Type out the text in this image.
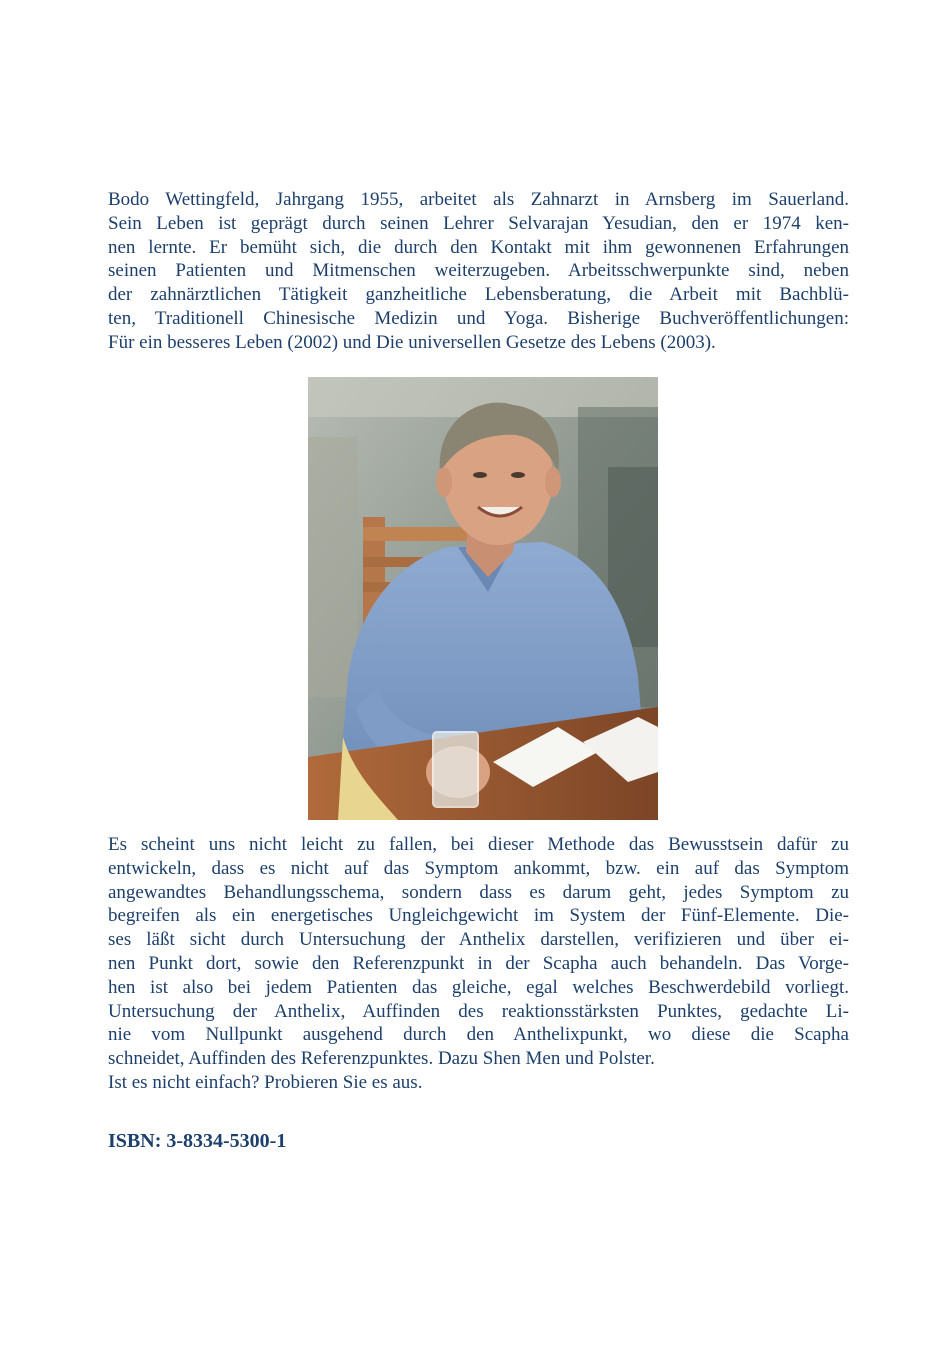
Bodo Wettingfeld, Jahrgang 1955, arbeitet als Zahnarzt in Arnsberg im Sauerland.
Sein Leben ist geprägt durch seinen Lehrer Selvarajan Yesudian, den er 1974 ken-
nen lernte. Er bemüht sich, die durch den Kontakt mit ihm gewonnenen Erfahrungen
seinen Patienten und Mitmenschen weiterzugeben. Arbeitsschwerpunkte sind, neben
der zahnärztlichen Tätigkeit ganzheitliche Lebensberatung, die Arbeit mit Bachblü-
ten, Traditionell Chinesische Medizin und Yoga. Bisherige Buchveröffentlichungen:
Für ein besseres Leben (2002) und Die universellen Gesetze des Lebens (2003).
Es scheint uns nicht leicht zu fallen, bei dieser Methode das Bewusstsein dafür zu
entwickeln, dass es nicht auf das Symptom ankommt, bzw. ein auf das Symptom
angewandtes Behandlungsschema, sondern dass es darum geht, jedes Symptom zu
begreifen als ein energetisches Ungleichgewicht im System der Fünf-Elemente. Die-
ses läßt sicht durch Untersuchung der Anthelix darstellen, verifizieren und über ei-
nen Punkt dort, sowie den Referenzpunkt in der Scapha auch behandeln. Das Vorge-
hen ist also bei jedem Patienten das gleiche, egal welches Beschwerdebild vorliegt.
Untersuchung der Anthelix, Auffinden des reaktionsstärksten Punktes, gedachte Li-
nie vom Nullpunkt ausgehend durch den Anthelixpunkt, wo diese die Scapha
schneidet, Auffinden des Referenzpunktes. Dazu Shen Men und Polster.
Ist es nicht einfach? Probieren Sie es aus.
ISBN: 3-8334-5300-1
